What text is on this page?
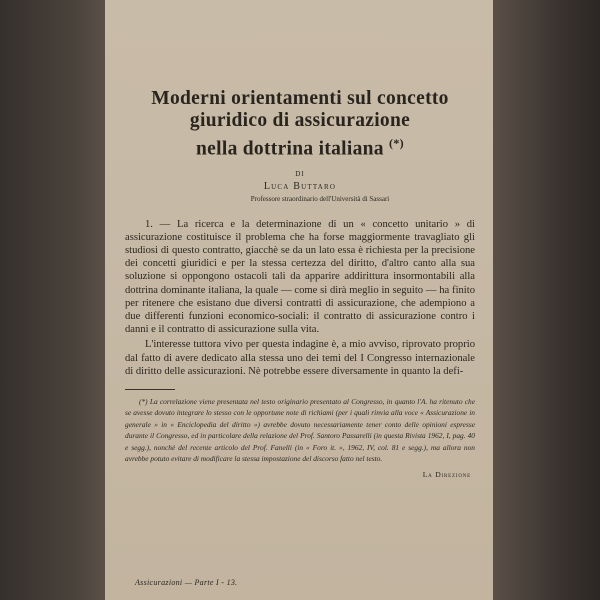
Moderni orientamenti sul concetto
giuridico di assicurazione
nella dottrina italiana (*)
DI
Luca Buttaro
Professore straordinario dell'Università di Sassari

1. — La ricerca e la determinazione di un « concetto unitario » di assicurazione costituisce il problema che ha forse maggiormente travagliato gli studiosi di questo contratto, giacchè se da un lato essa è richiesta per la precisione dei concetti giuridici e per la stessa certezza del diritto, d'altro canto alla sua soluzione si oppongono ostacoli tali da apparire addirittura insormontabili alla dottrina dominante italiana, la quale — come si dirà meglio in seguito — ha finito per ritenere che esistano due diversi contratti di assicurazione, che adempiono a due differenti funzioni economico-sociali: il contratto di assicurazione contro i danni e il contratto di assicurazione sulla vita.

L'interesse tuttora vivo per questa indagine è, a mio avviso, riprovato proprio dal fatto di avere dedicato alla stessa uno dei temi del I Congresso internazionale di diritto delle assicurazioni. Nè potrebbe essere diversamente in quanto la defi-

(*) La correlazione viene presentata nel testo originario presentato al Congresso, in quanto l'A. ha ritenuto che se avesse dovuto integrare lo stesso con le opportune note di richiami (per i quali rinvia alla voce « Assicurazione in generale » in « Enciclopedia del diritto ») avrebbe dovuto necessariamente tener conto delle opinioni espresse durante il Congresso, ed in particolare della relazione del Prof. Santoro Passarelli (in questa Rivista 1962, I, pag. 40 e segg.), nonchè del recente articolo del Prof. Fanelli (in « Foro it. », 1962, IV, col. 81 e segg.), ma allora non avrebbe potuto evitare di modificare la stessa impostazione del discorso fatto nel testo.

La Direzione
Assicurazioni — Parte I - 13.
